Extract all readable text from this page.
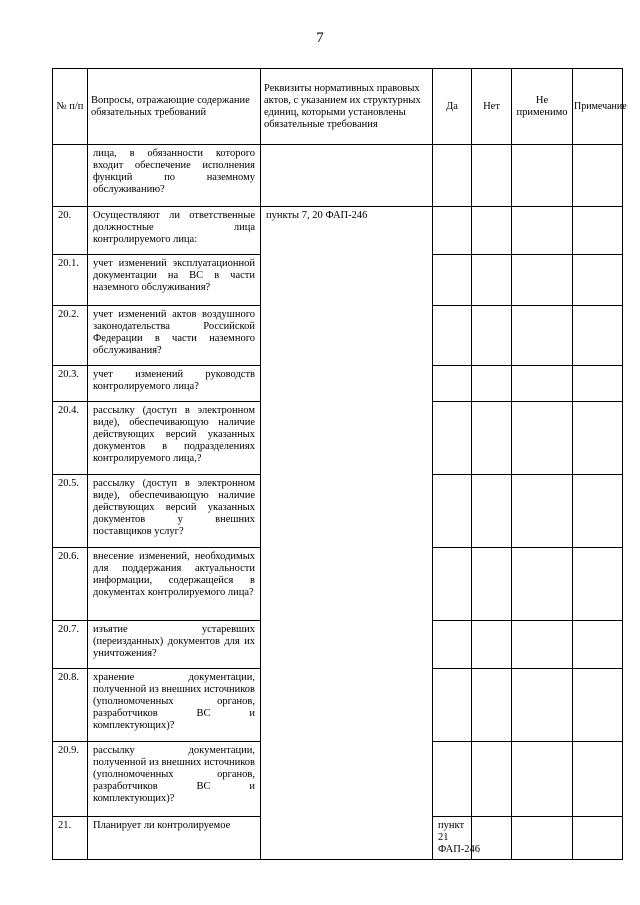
7
№ п/п	Вопросы, отражающие содержание обязательных требований	Реквизиты нормативных правовых актов, с указанием их структурных единиц, которыми установлены обязательные требования	Да	Нет	Не применимо	Примечание	
	лица, в обязанности которого входит обеспечение исполнения функций по наземному обслуживанию?						
20.	Осуществляют ли ответственные должностные лица контролируемого лица:	пункты 7, 20 ФАП-246					
20.1.	учет изменений эксплуатационной документации на ВС в части наземного обслуживания?						
20.2.	учет изменений актов воздушного законодательства Российской Федерации в части наземного обслуживания?						
20.3.	учет изменений руководств контролируемого лица?						
20.4.	рассылку (доступ в электронном виде), обеспечивающую наличие действующих версий указанных документов в подразделениях контролируемого лица,?						
20.5.	рассылку (доступ в электронном виде), обеспечивающую наличие действующих версий указанных документов у внешних поставщиков услуг?						
20.6.	внесение изменений, необходимых для поддержания актуальности информации, содержащейся в документах контролируемого лица?						
20.7.	изъятие устаревших (переизданных) документов для их уничтожения?						
20.8.	хранение документации, полученной из внешних источников (уполномоченных органов, разработчиков ВС и комплектующих)?						
20.9.	рассылку документации, полученной из внешних источников (уполномоченных органов, разработчиков ВС и комплектующих)?						
21.	Планирует ли контролируемое		пункт 21 ФАП-246				
